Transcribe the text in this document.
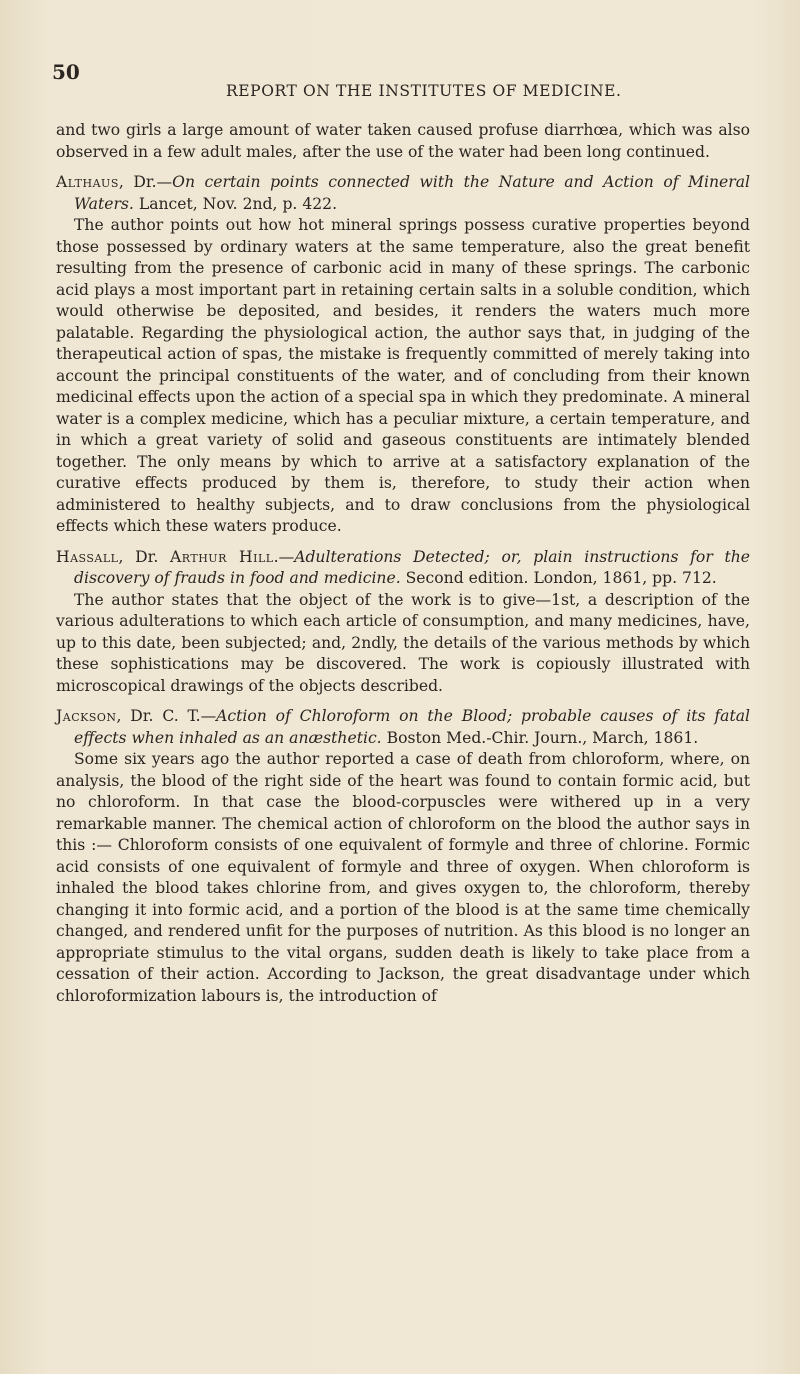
50
REPORT ON THE INSTITUTES OF MEDICINE.

and two girls a large amount of water taken caused profuse diarrhœa, which was also observed in a few adult males, after the use of the water had been long continued.

Althaus, Dr.—On certain points connected with the Nature and Action of Mineral Waters. Lancet, Nov. 2nd, p. 422.

The author points out how hot mineral springs possess curative properties beyond those possessed by ordinary waters at the same temperature, also the great benefit resulting from the presence of carbonic acid in many of these springs. The carbonic acid plays a most important part in retaining certain salts in a soluble condition, which would otherwise be deposited, and besides, it renders the waters much more palatable. Regarding the physiological action, the author says that, in judging of the therapeutical action of spas, the mistake is frequently committed of merely taking into account the principal constituents of the water, and of concluding from their known medicinal effects upon the action of a special spa in which they predominate. A mineral water is a complex medicine, which has a peculiar mixture, a certain temperature, and in which a great variety of solid and gaseous constituents are intimately blended together. The only means by which to arrive at a satisfactory explanation of the curative effects produced by them is, therefore, to study their action when administered to healthy subjects, and to draw conclusions from the physiological effects which these waters produce.

Hassall, Dr. Arthur Hill.—Adulterations Detected; or, plain instructions for the discovery of frauds in food and medicine. Second edition. London, 1861, pp. 712.

The author states that the object of the work is to give—1st, a description of the various adulterations to which each article of consumption, and many medicines, have, up to this date, been subjected; and, 2ndly, the details of the various methods by which these sophistications may be discovered. The work is copiously illustrated with microscopical drawings of the objects described.

Jackson, Dr. C. T.—Action of Chloroform on the Blood; probable causes of its fatal effects when inhaled as an anæsthetic. Boston Med.-Chir. Journ., March, 1861.

Some six years ago the author reported a case of death from chloroform, where, on analysis, the blood of the right side of the heart was found to contain formic acid, but no chloroform. In that case the blood-corpuscles were withered up in a very remarkable manner. The chemical action of chloroform on the blood the author says in this :— Chloroform consists of one equivalent of formyle and three of chlorine. Formic acid consists of one equivalent of formyle and three of oxygen. When chloroform is inhaled the blood takes chlorine from, and gives oxygen to, the chloroform, thereby changing it into formic acid, and a portion of the blood is at the same time chemically changed, and rendered unfit for the purposes of nutrition. As this blood is no longer an appropriate stimulus to the vital organs, sudden death is likely to take place from a cessation of their action. According to Jackson, the great disadvantage under which chloroformization labours is, the introduction of
